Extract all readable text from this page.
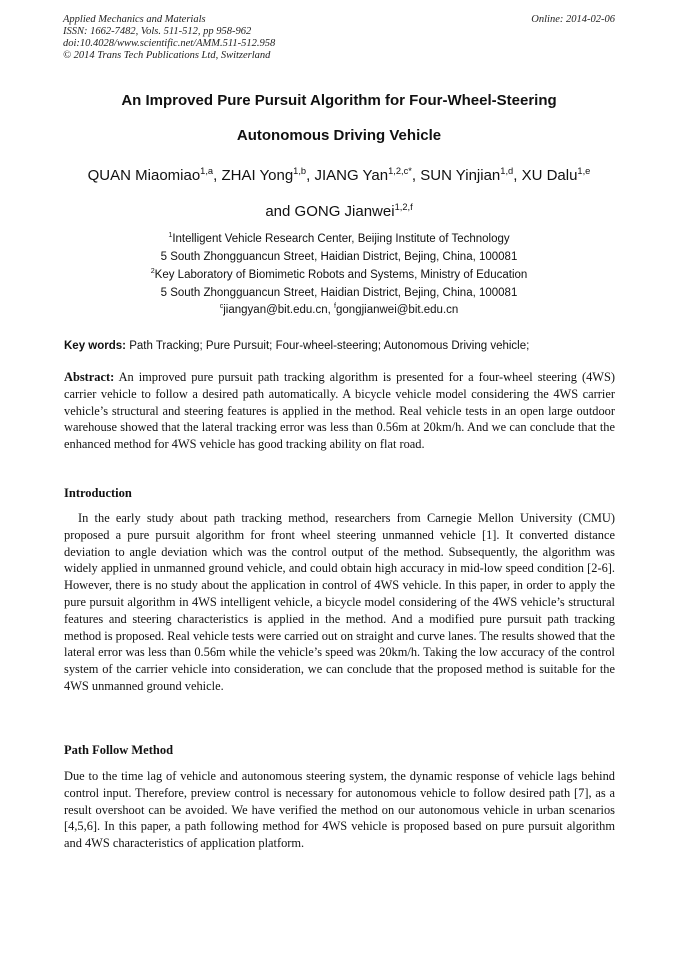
Applied Mechanics and Materials
ISSN: 1662-7482, Vols. 511-512, pp 958-962
doi:10.4028/www.scientific.net/AMM.511-512.958
© 2014 Trans Tech Publications Ltd, Switzerland
Online: 2014-02-06
An Improved Pure Pursuit Algorithm for Four-Wheel-Steering
Autonomous Driving Vehicle
QUAN Miaomiao$^{1,a}$, ZHAI Yong$^{1,b}$, JIANG Yan$^{1,2,c*}$, SUN Yinjian$^{1,d}$, XU Dalu$^{1,e}$
and GONG Jianwei$^{1,2,f}$
$^1$Intelligent Vehicle Research Center, Beijing Institute of Technology
5 South Zhongguancun Street, Haidian District, Bejing, China, 100081
$^2$Key Laboratory of Biomimetic Robots and Systems, Ministry of Education
5 South Zhongguancun Street, Haidian District, Bejing, China, 100081
$^c$jiangyan@bit.edu.cn, $^f$gongjianwei@bit.edu.cn
Key words: Path Tracking; Pure Pursuit; Four-wheel-steering; Autonomous Driving vehicle;

Abstract: An improved pure pursuit path tracking algorithm is presented for a four-wheel steering (4WS) carrier vehicle to follow a desired path automatically. A bicycle vehicle model considering the 4WS carrier vehicle’s structural and steering features is applied in the method. Real vehicle tests in an open large outdoor warehouse showed that the lateral tracking error was less than 0.56m at 20km/h. And we can conclude that the enhanced method for 4WS vehicle has good tracking ability on flat road.

Introduction
In the early study about path tracking method, researchers from Carnegie Mellon University (CMU) proposed a pure pursuit algorithm for front wheel steering unmanned vehicle [1]. It converted distance deviation to angle deviation which was the control output of the method. Subsequently, the algorithm was widely applied in unmanned ground vehicle, and could obtain high accuracy in mid-low speed condition [2-6]. However, there is no study about the application in control of 4WS vehicle. In this paper, in order to apply the pure pursuit algorithm in 4WS intelligent vehicle, a bicycle model considering of the 4WS vehicle’s structural features and steering characteristics is applied in the method. And a modified pure pursuit path tracking method is proposed. Real vehicle tests were carried out on straight and curve lanes. The results showed that the lateral error was less than 0.56m while the vehicle’s speed was 20km/h. Taking the low accuracy of the control system of the carrier vehicle into consideration, we can conclude that the proposed method is suitable for the 4WS unmanned ground vehicle.
Path Follow Method
Due to the time lag of vehicle and autonomous steering system, the dynamic response of vehicle lags behind control input. Therefore, preview control is necessary for autonomous vehicle to follow desired path [7], as a result overshoot can be avoided. We have verified the method on our autonomous vehicle in urban scenarios [4,5,6]. In this paper, a path following method for 4WS vehicle is proposed based on pure pursuit algorithm and 4WS characteristics of application platform.
